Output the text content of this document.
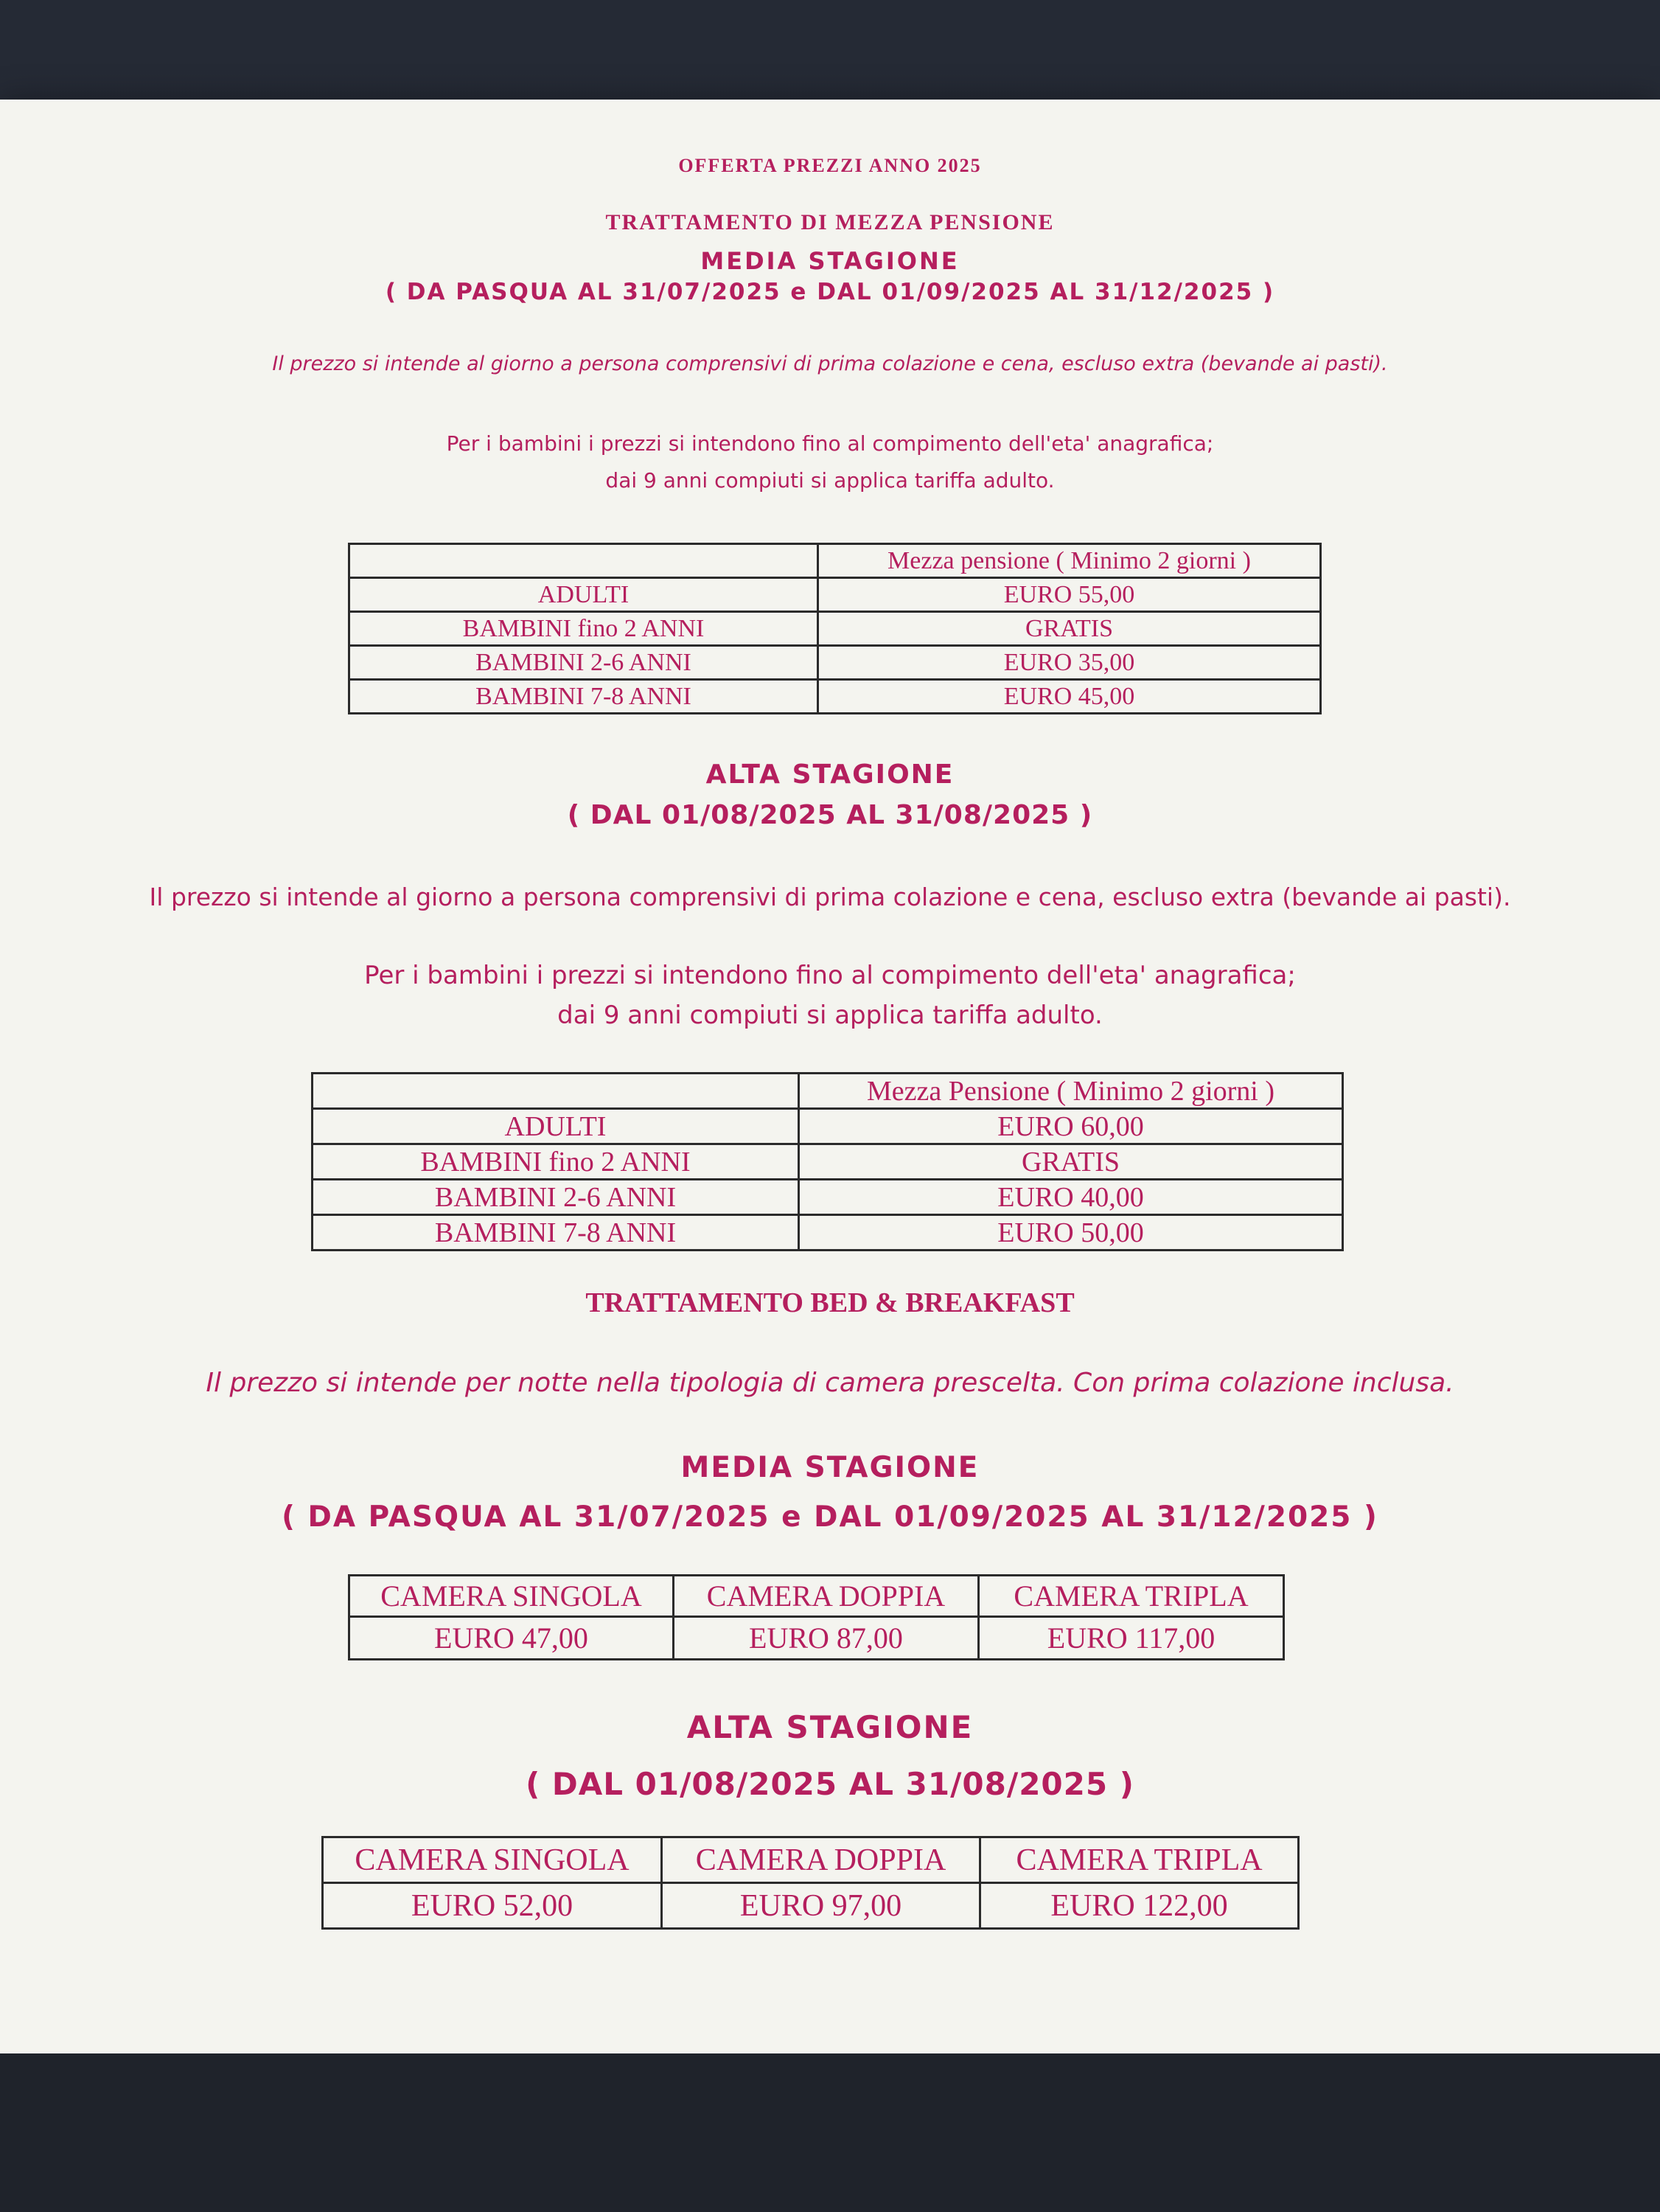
OFFERTA PREZZI ANNO 2025

TRATTAMENTO DI MEZZA PENSIONE

MEDIA STAGIONE

( DA PASQUA AL 31/07/2025 e DAL 01/09/2025 AL 31/12/2025 )

Il prezzo si intende al giorno a persona comprensivi di prima colazione e cena, escluso extra (bevande ai pasti).

Per i bambini i prezzi si intendono fino al compimento dell'eta' anagrafica;

dai 9 anni compiuti si applica tariffa adulto.

	Mezza pensione ( Minimo 2 giorni )
ADULTI	EURO 55,00
BAMBINI fino 2 ANNI	GRATIS
BAMBINI 2-6 ANNI	EURO 35,00
BAMBINI 7-8 ANNI	EURO 45,00

ALTA STAGIONE

( DAL 01/08/2025 AL 31/08/2025 )

Il prezzo si intende al giorno a persona comprensivi di prima colazione e cena, escluso extra (bevande ai pasti).

Per i bambini i prezzi si intendono fino al compimento dell'eta' anagrafica;

dai 9 anni compiuti si applica tariffa adulto.

	Mezza Pensione ( Minimo 2 giorni )
ADULTI	EURO 60,00
BAMBINI fino 2 ANNI	GRATIS
BAMBINI 2-6 ANNI	EURO 40,00
BAMBINI 7-8 ANNI	EURO 50,00

TRATTAMENTO BED & BREAKFAST

Il prezzo si intende per notte nella tipologia di camera prescelta. Con prima colazione inclusa.

MEDIA STAGIONE

( DA PASQUA AL 31/07/2025 e DAL 01/09/2025 AL 31/12/2025 )

CAMERA SINGOLA	CAMERA DOPPIA	CAMERA TRIPLA
EURO 47,00	EURO 87,00	EURO 117,00

ALTA STAGIONE

( DAL 01/08/2025 AL 31/08/2025 )

CAMERA SINGOLA	CAMERA DOPPIA	CAMERA TRIPLA
EURO 52,00	EURO 97,00	EURO 122,00
